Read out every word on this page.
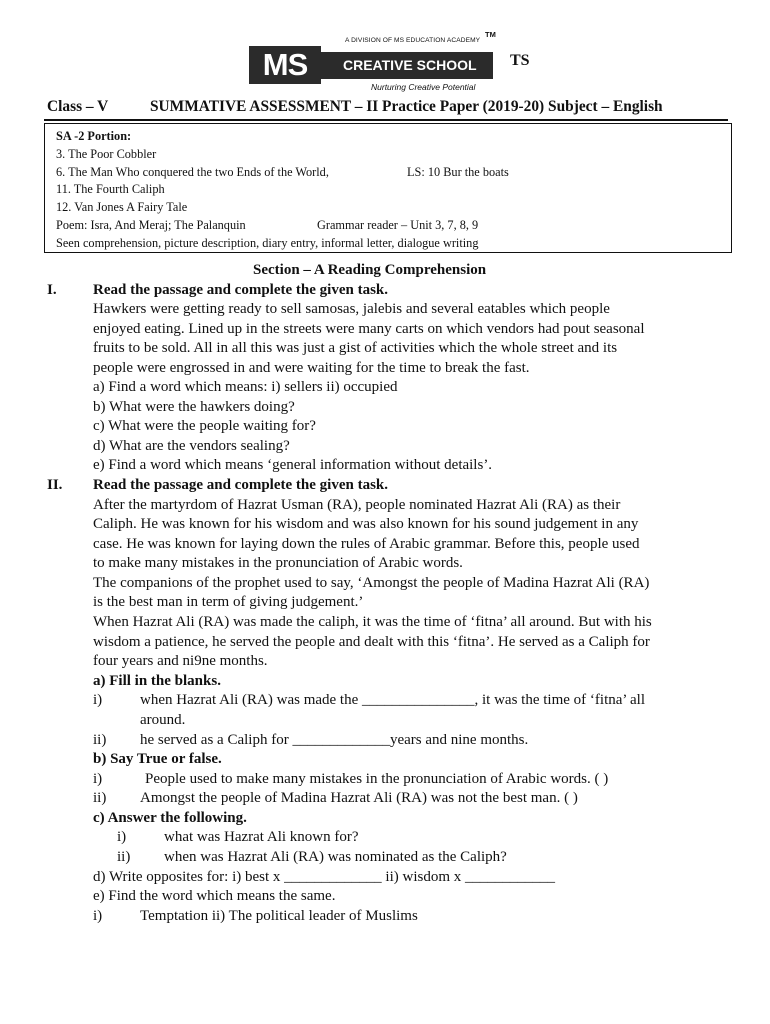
A DIVISION OF MS EDUCATION ACADEMY
TM
MS	CREATIVE SCHOOL
Nurturing Creative Potential
TS
Class – V	SUMMATIVE ASSESSMENT – II Practice Paper (2019-20) Subject – English
SA -2 Portion:
3. The Poor Cobbler
6. The Man Who conquered the two Ends of the World,	LS: 10 Bur the boats
11. The Fourth Caliph
12. Van Jones A Fairy Tale
Poem: Isra, And Meraj; The Palanquin	Grammar reader – Unit 3, 7, 8, 9
Seen comprehension, picture description, diary entry, informal letter, dialogue writing
Section – A Reading Comprehension
I. Read the passage and complete the given task.
Hawkers were getting ready to sell samosas, jalebis and several eatables which people
enjoyed eating. Lined up in the streets were many carts on which vendors had pout seasonal
fruits to be sold. All in all this was just a gist of activities which the whole street and its
people were engrossed in and were waiting for the time to break the fast.
a) Find a word which means: i) sellers ii) occupied
b) What were the hawkers doing?
c) What were the people waiting for?
d) What are the vendors sealing?
e) Find a word which means ‘general information without details’.
II. Read the passage and complete the given task.
After the martyrdom of Hazrat Usman (RA), people nominated Hazrat Ali (RA) as their
Caliph. He was known for his wisdom and was also known for his sound judgement in any
case. He was known for laying down the rules of Arabic grammar. Before this, people used
to make many mistakes in the pronunciation of Arabic words.
The companions of the prophet used to say, ‘Amongst the people of Madina Hazrat Ali (RA)
is the best man in term of giving judgement.’
When Hazrat Ali (RA) was made the caliph, it was the time of ‘fitna’ all around. But with his
wisdom a patience, he served the people and dealt with this ‘fitna’. He served as a Caliph for
four years and ni9ne months.
a) Fill in the blanks.
i)	when Hazrat Ali (RA) was made the _______________, it was the time of ‘fitna’ all
around.
ii) he served as a Caliph for _____________years and nine months.
b) Say True or false.
i)	People used to make many mistakes in the pronunciation of Arabic words. ( )
ii) Amongst the people of Madina Hazrat Ali (RA) was not the best man. ( )
c) Answer the following.
i)	what was Hazrat Ali known for?
ii) when was Hazrat Ali (RA) was nominated as the Caliph?
d) Write opposites for: i) best x _____________ ii) wisdom x ____________
e) Find the word which means the same.
i)	Temptation ii) The political leader of Muslims
